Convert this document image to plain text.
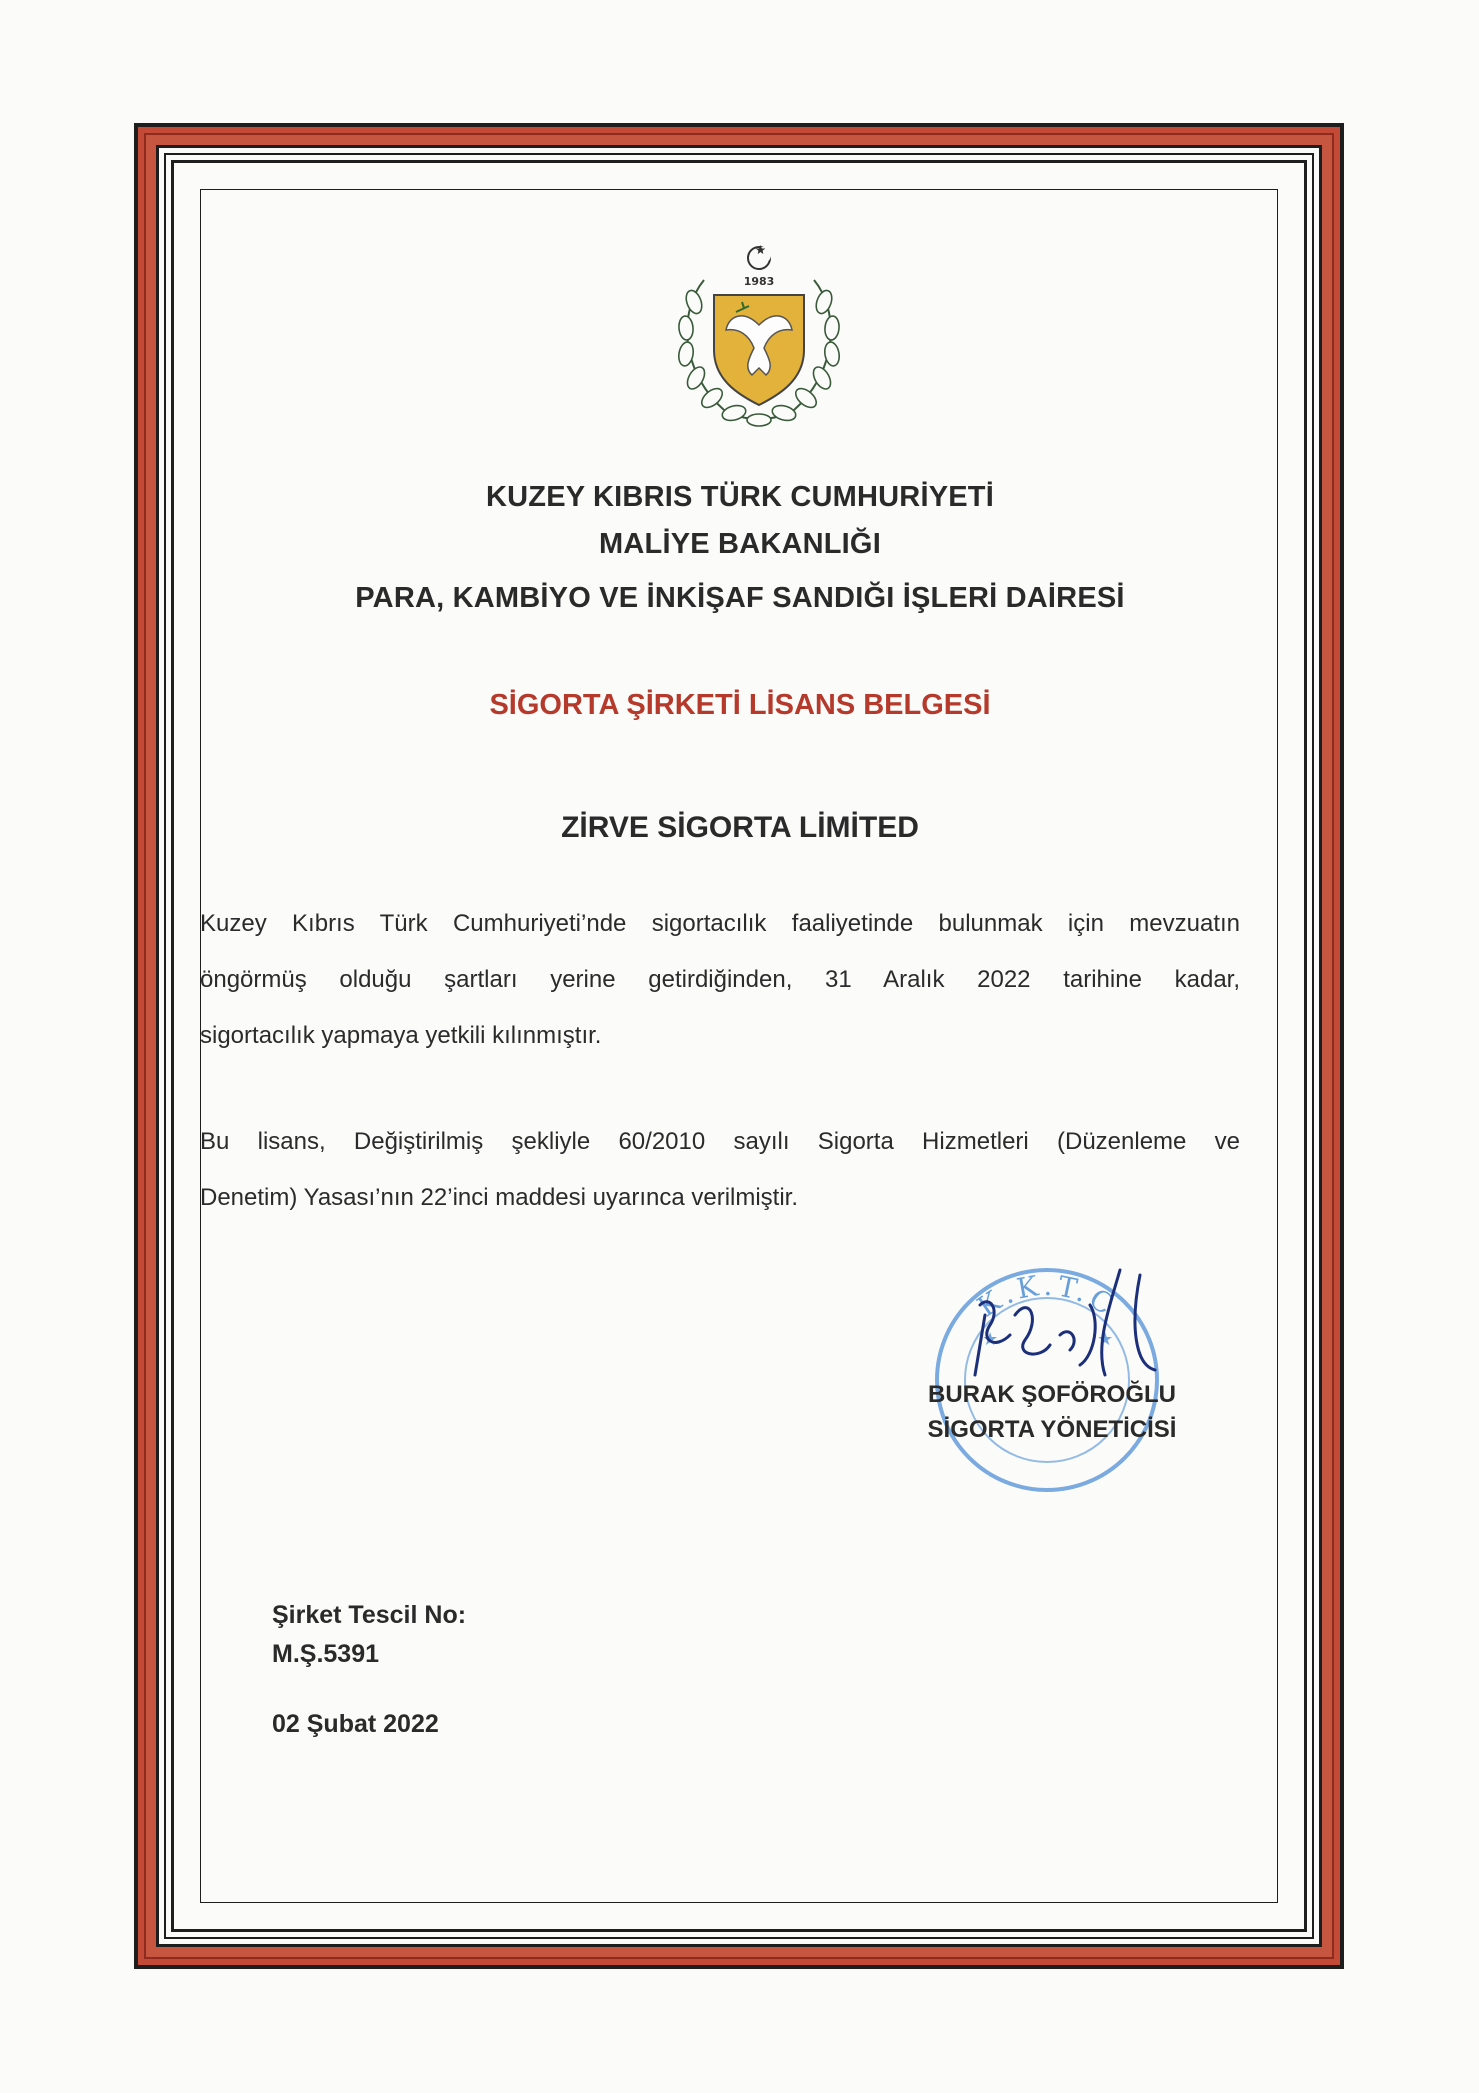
1983
KUZEY KIBRIS TÜRK CUMHURİYETİ
MALİYE BAKANLIĞI
PARA, KAMBİYO VE İNKİŞAF SANDIĞI İŞLERİ DAİRESİ
SİGORTA ŞİRKETİ LİSANS BELGESİ
ZİRVE SİGORTA LİMİTED
Kuzey Kıbrıs Türk Cumhuriyeti’nde sigortacılık faaliyetinde bulunmak için mevzuatın
öngörmüş olduğu şartları yerine getirdiğinden, 31 Aralık 2022 tarihine kadar,
sigortacılık yapmaya yetkili kılınmıştır.
Bu lisans, Değiştirilmiş şekliyle 60/2010 sayılı Sigorta Hizmetleri (Düzenleme ve
Denetim) Yasası’nın 22’inci maddesi uyarınca verilmiştir.
K.K.T.C
★	★
BURAK ŞOFÖROĞLU
SİGORTA YÖNETİCİSİ
Şirket Tescil No:
M.Ş.5391
02 Şubat 2022
